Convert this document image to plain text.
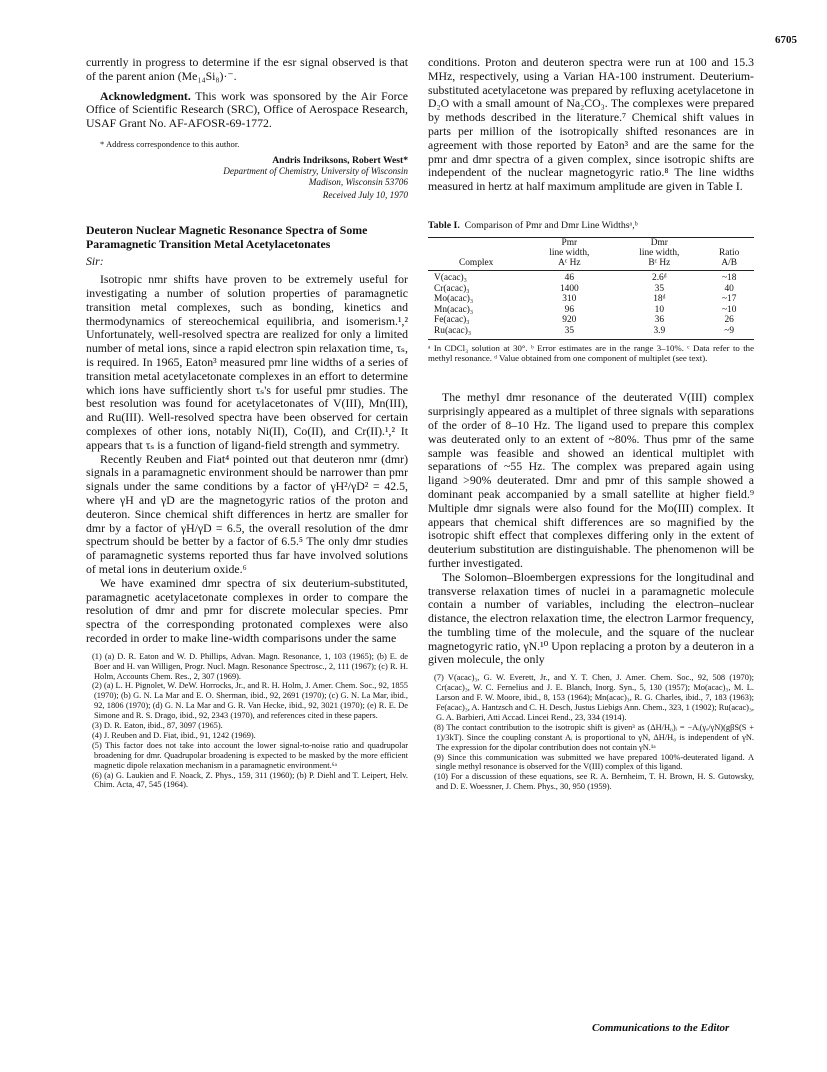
6705

currently in progress to determine if the esr signal observed is that of the parent anion (Me₁₄Si₈)·⁻.

Acknowledgment. This work was sponsored by the Air Force Office of Scientific Research (SRC), Office of Aerospace Research, USAF Grant No. AF-AFOSR-69-1772.

* Address correspondence to this author.
Andris Indriksons, Robert West*
Department of Chemistry, University of Wisconsin
Madison, Wisconsin 53706
Received July 10, 1970
Deuteron Nuclear Magnetic Resonance Spectra of Some Paramagnetic Transition Metal Acetylacetonates
Sir:

Isotropic nmr shifts have proven to be extremely useful for investigating a number of solution properties of paramagnetic transition metal complexes, such as bonding, kinetics and thermodynamics of stereochemical equilibria, and isomerism.¹,² Unfortunately, well-resolved spectra are realized for only a limited number of metal ions, since a rapid electron spin relaxation time, τₛ, is required. In 1965, Eaton³ measured pmr line widths of a series of transition metal acetylacetonate complexes in an effort to determine which ions have sufficiently short τₛ's for useful pmr studies. The best resolution was found for acetylacetonates of V(III), Mn(III), and Ru(III). Well-resolved spectra have been observed for certain complexes of other ions, notably Ni(II), Co(II), and Cr(II).¹,² It appears that τₛ is a function of ligand-field strength and symmetry.

Recently Reuben and Fiat⁴ pointed out that deuteron nmr (dmr) signals in a paramagnetic environment should be narrower than pmr signals under the same conditions by a factor of γH²/γD² = 42.5, where γH and γD are the magnetogyric ratios of the proton and deuteron. Since chemical shift differences in hertz are smaller for dmr by a factor of γH/γD = 6.5, the overall resolution of the dmr spectrum should be better by a factor of 6.5.⁵ The only dmr studies of paramagnetic systems reported thus far have involved solutions of metal ions in deuterium oxide.⁶

We have examined dmr spectra of six deuterium-substituted, paramagnetic acetylacetonate complexes in order to compare the resolution of dmr and pmr for discrete molecular species. Pmr spectra of the corresponding protonated complexes were also recorded in order to make line-width comparisons under the same

(1) (a) D. R. Eaton and W. D. Phillips, Advan. Magn. Resonance, 1, 103 (1965); (b) E. de Boer and H. van Willigen, Progr. Nucl. Magn. Resonance Spectrosc., 2, 111 (1967); (c) R. H. Holm, Accounts Chem. Res., 2, 307 (1969).
(2) (a) L. H. Pignolet, W. DeW. Horrocks, Jr., and R. H. Holm, J. Amer. Chem. Soc., 92, 1855 (1970); (b) G. N. La Mar and E. O. Sherman, ibid., 92, 2691 (1970); (c) G. N. La Mar, ibid., 92, 1806 (1970); (d) G. N. La Mar and G. R. Van Hecke, ibid., 92, 3021 (1970); (e) R. E. De Simone and R. S. Drago, ibid., 92, 2343 (1970), and references cited in these papers.
(3) D. R. Eaton, ibid., 87, 3097 (1965).
(4) J. Reuben and D. Fiat, ibid., 91, 1242 (1969).
(5) This factor does not take into account the lower signal-to-noise ratio and quadrupolar broadening for dmr. Quadrupolar broadening is expected to be masked by the more efficient magnetic dipole relaxation mechanism in a paramagnetic environment.⁶ᵃ
(6) (a) G. Laukien and F. Noack, Z. Phys., 159, 311 (1960); (b) P. Diehl and T. Leipert, Helv. Chim. Acta, 47, 545 (1964).

conditions. Proton and deuteron spectra were run at 100 and 15.3 MHz, respectively, using a Varian HA-100 instrument. Deuterium-substituted acetylacetone was prepared by refluxing acetylacetone in D₂O with a small amount of Na₂CO₃. The complexes were prepared by methods described in the literature.⁷ Chemical shift values in parts per million of the isotropically shifted resonances are in agreement with those reported by Eaton³ and are the same for the pmr and dmr spectra of a given complex, since isotropic shifts are independent of the nuclear magnetogyric ratio.⁸ The line widths measured in hertz at half maximum amplitude are given in Table I.

Table I. Comparison of Pmr and Dmr Line Widthsᵃ,ᵇ
	Pmr	Dmr	
	line width,	line width,	Ratio
Complex	Aᶜ Hz	Bᶜ Hz	A/B
V(acac)₃	46	2.6ᵈ	~18
Cr(acac)₃	1400	35	40
Mo(acac)₃	310	18ᵈ	~17
Mn(acac)₃	96	10	~10
Fe(acac)₃	920	36	26
Ru(acac)₃	35	3.9	~9
ᵃ In CDCl₃ solution at 30°. ᵇ Error estimates are in the range 3–10%. ᶜ Data refer to the methyl resonance. ᵈ Value obtained from one component of multiplet (see text).

The methyl dmr resonance of the deuterated V(III) complex surprisingly appeared as a multiplet of three signals with separations of the order of 8–10 Hz. The ligand used to prepare this complex was deuterated only to an extent of ~80%. Thus pmr of the same sample was feasible and showed an identical multiplet with separations of ~55 Hz. The complex was prepared again using ligand >90% deuterated. Dmr and pmr of this sample showed a dominant peak accompanied by a small satellite at higher field.⁹ Multiple dmr signals were also found for the Mo(III) complex. It appears that chemical shift differences are so magnified by the isotropic shift effect that complexes differing only in the extent of deuterium substitution are distinguishable. The phenomenon will be further investigated.

The Solomon–Bloembergen expressions for the longitudinal and transverse relaxation times of nuclei in a paramagnetic molecule contain a number of variables, including the electron–nuclear distance, the electron relaxation time, the electron Larmor frequency, the tumbling time of the molecule, and the square of the nuclear magnetogyric ratio, γN.¹⁰ Upon replacing a proton by a deuteron in a given molecule, the only

(7) V(acac)₃, G. W. Everett, Jr., and Y. T. Chen, J. Amer. Chem. Soc., 92, 508 (1970); Cr(acac)₃, W. C. Fernelius and J. E. Blanch, Inorg. Syn., 5, 130 (1957); Mo(acac)₃, M. L. Larson and F. W. Moore, ibid., 8, 153 (1964); Mn(acac)₃, R. G. Charles, ibid., 7, 183 (1963); Fe(acac)₃, A. Hantzsch and C. H. Desch, Justus Liebigs Ann. Chem., 323, 1 (1902); Ru(acac)₃, G. A. Barbieri, Atti Accad. Lincei Rend., 23, 334 (1914).
(8) The contact contribution to the isotropic shift is given³ as (ΔH/H₀)ᵢ = −Aᵢ(γₑ/γN)(gβS(S + 1)/3kT). Since the coupling constant Aᵢ is proportional to γN, ΔH/H₀ is independent of γN. The expression for the dipolar contribution does not contain γN.¹ᵃ
(9) Since this communication was submitted we have prepared 100%-deuterated ligand. A single methyl resonance is observed for the V(III) complex of this ligand.
(10) For a discussion of these equations, see R. A. Bernheim, T. H. Brown, H. S. Gutowsky, and D. E. Woessner, J. Chem. Phys., 30, 950 (1959).
Communications to the Editor
